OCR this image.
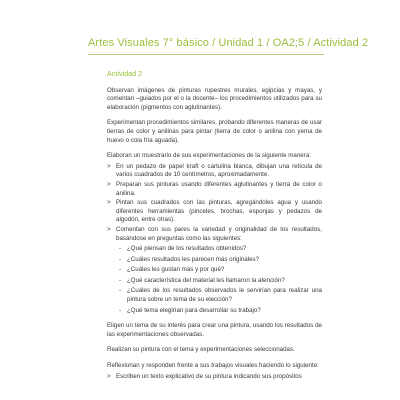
Artes Visuales 7° básico / Unidad 1 / OA2;5 / Actividad 2
Actividad 2

Observan imágenes de pinturas rupestres murales, egipcias y mayas, y comentan –guiados por el o la docente– los procedimientos utilizados para su elaboración (pigmentos con aglutinantes).

Experimentan procedimientos similares, probando diferentes maneras de usar tierras de color y anilinas para pintar (tierra de color o anilina con yema de huevo o cola fría aguada).

Elaboran un muestrario de sus experimentaciones de la siguiente manera:

> En un pedazo de papel kraft o cartulina blanca, dibujan una retícula de varios cuadrados de 10 centímetros, aproximadamente.
> Preparan sus pinturas usando diferentes aglutinantes y tierra de color o anilina.
> Pintan sus cuadrados con las pinturas, agregándoles agua y usando diferentes herramientas (pinceles, brochas, esponjas y pedazos de algodón, entre otras).
> Comentan con sus pares la variedad y originalidad de los resultados, basándose en preguntas como las siguientes:
- ¿Qué piensan de los resultados obtenidos?
- ¿Cuáles resultados les parecen más originales?
- ¿Cuáles les gustan más y por qué?
- ¿Qué característica del material les llamaron la atención?
- ¿Cuáles de los resultados observados le servirían para realizar una pintura sobre un tema de su elección?
- ¿Qué tema elegirían para desarrollar su trabajo?

Eligen un tema de su interés para crear una pintura, usando los resultados de las experimentaciones observadas.

Realizan su pintura con el tema y experimentaciones seleccionadas.

Reflexionan y responden frente a sus trabajos visuales haciendo lo siguiente:

> Escriben un texto explicativo de su pintura indicando sus propósitos
